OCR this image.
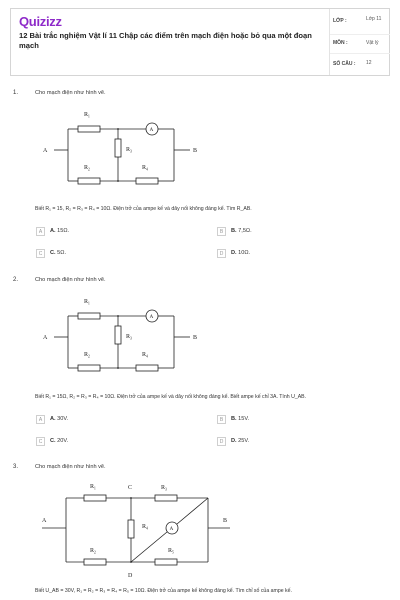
Quizizz
12 Bài trắc nghiệm Vật lí 11 Chập các điểm trên mạch điện hoặc bỏ qua một đoạn mạch
LỚP :	Lớp 11
MÔN :	Vật lý
SỐ CÂU : 12
1.	Cho mạch điện như hình vẽ.
A	B
$R_1$
$R_2$
$R_3$
$R_4$
A
Biết R₁ = 15, R₂ = R₃ = R₄ = 10Ω. Điện trở của ampe kế và dây nối không đáng kể. Tìm R_AB.
A	A. 15Ω.	B	B. 7,5Ω.
C	C. 5Ω.	D	D. 10Ω.
2.	Cho mạch điện như hình vẽ.
A	B
$R_1$
$R_2$
$R_3$
$R_4$
A
Biết R₁ = 15Ω, R₂ = R₃ = R₄ = 10Ω. Điện trở của ampe kế và dây nối không đáng kể. Biết ampe kế chỉ 3A. Tính U_AB.
A	A. 30V.	B	B. 15V.
C	C. 20V.	D	D. 25V.
3.	Cho mạch điện như hình vẽ.
A	B
C
D
$R_1$
$R_2$
$R_3$
$R_4$
$R_5$
A
Biết U_AB = 30V, R₁ = R₂ = R₃ = R₄ = R₅ = 10Ω. Điện trở của ampe kế không đáng kể. Tìm chỉ số của ampe kế.
